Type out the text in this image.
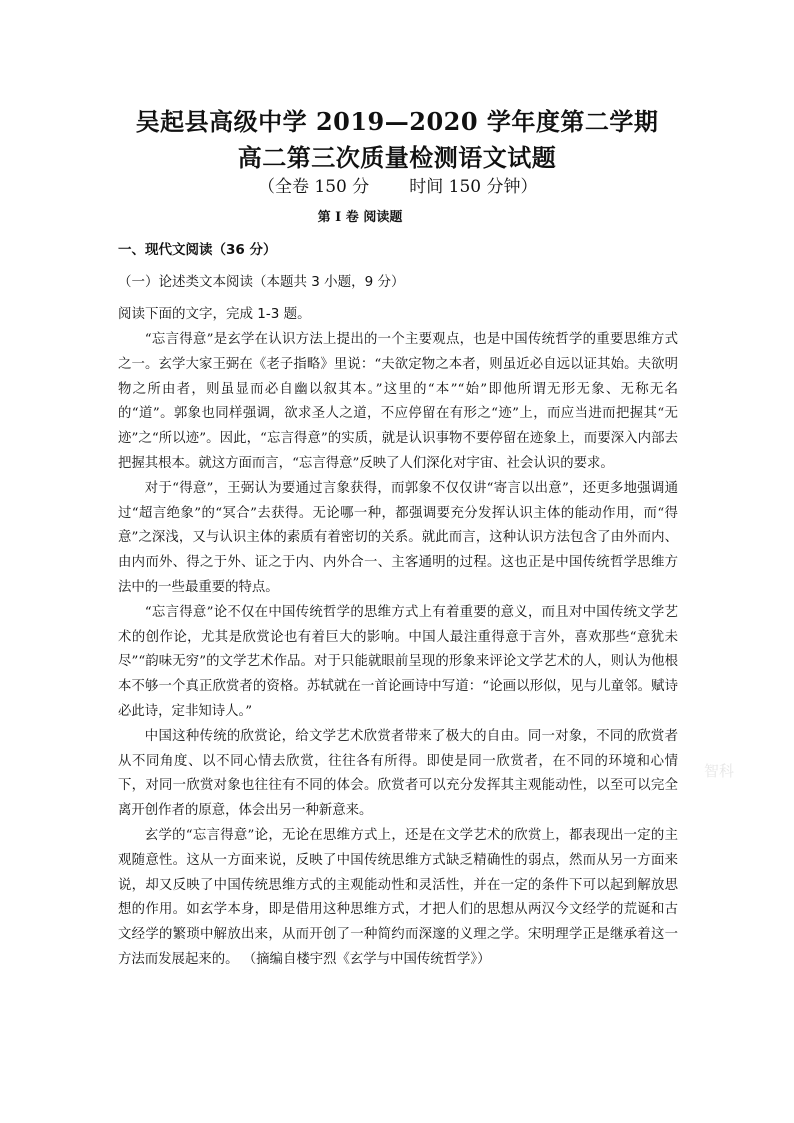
吴起县高级中学 2019—2020 学年度第二学期
高二第三次质量检测语文试题
（全卷 150 分 时间 150 分钟）
第 I 卷 阅读题
一、现代文阅读（36 分）
（一）论述类文本阅读（本题共 3 小题，9 分）
阅读下面的文字，完成 1-3 题。

“忘言得意”是玄学在认识方法上提出的一个主要观点，也是中国传统哲学的重要思维方式之一。玄学大家王弼在《老子指略》里说：“夫欲定物之本者，则虽近必自远以证其始。夫欲明物之所由者，则虽显而必自幽以叙其本。”这里的“本”“始”即他所谓无形无象、无称无名的“道”。郭象也同样强调，欲求圣人之道，不应停留在有形之“迹”上，而应当进而把握其“无迹”之“所以迹”。因此，“忘言得意”的实质，就是认识事物不要停留在迹象上，而要深入内部去把握其根本。就这方面而言，“忘言得意”反映了人们深化对宇宙、社会认识的要求。

对于“得意”，王弼认为要通过言象获得，而郭象不仅仅讲“寄言以出意”，还更多地强调通过“超言绝象”的“冥合”去获得。无论哪一种，都强调要充分发挥认识主体的能动作用，而“得意”之深浅，又与认识主体的素质有着密切的关系。就此而言，这种认识方法包含了由外而内、由内而外、得之于外、证之于内、内外合一、主客通明的过程。这也正是中国传统哲学思维方法中的一些最重要的特点。

“忘言得意”论不仅在中国传统哲学的思维方式上有着重要的意义，而且对中国传统文学艺术的创作论，尤其是欣赏论也有着巨大的影响。中国人最注重得意于言外，喜欢那些“意犹未尽”“韵味无穷”的文学艺术作品。对于只能就眼前呈现的形象来评论文学艺术的人，则认为他根本不够一个真正欣赏者的资格。苏轼就在一首论画诗中写道：“论画以形似，见与儿童邻。赋诗必此诗，定非知诗人。”

中国这种传统的欣赏论，给文学艺术欣赏者带来了极大的自由。同一对象，不同的欣赏者从不同角度、以不同心情去欣赏，往往各有所得。即使是同一欣赏者，在不同的环境和心情下，对同一欣赏对象也往往有不同的体会。欣赏者可以充分发挥其主观能动性，以至可以完全离开创作者的原意，体会出另一种新意来。

玄学的“忘言得意”论，无论在思维方式上，还是在文学艺术的欣赏上，都表现出一定的主观随意性。这从一方面来说，反映了中国传统思维方式缺乏精确性的弱点，然而从另一方面来说，却又反映了中国传统思维方式的主观能动性和灵活性，并在一定的条件下可以起到解放思想的作用。如玄学本身，即是借用这种思维方式，才把人们的思想从两汉今文经学的荒诞和古文经学的繁琐中解放出来，从而开创了一种简约而深邃的义理之学。宋明理学正是继承着这一方法而发展起来的。 （摘编自楼宇烈《玄学与中国传统哲学》）

智科
